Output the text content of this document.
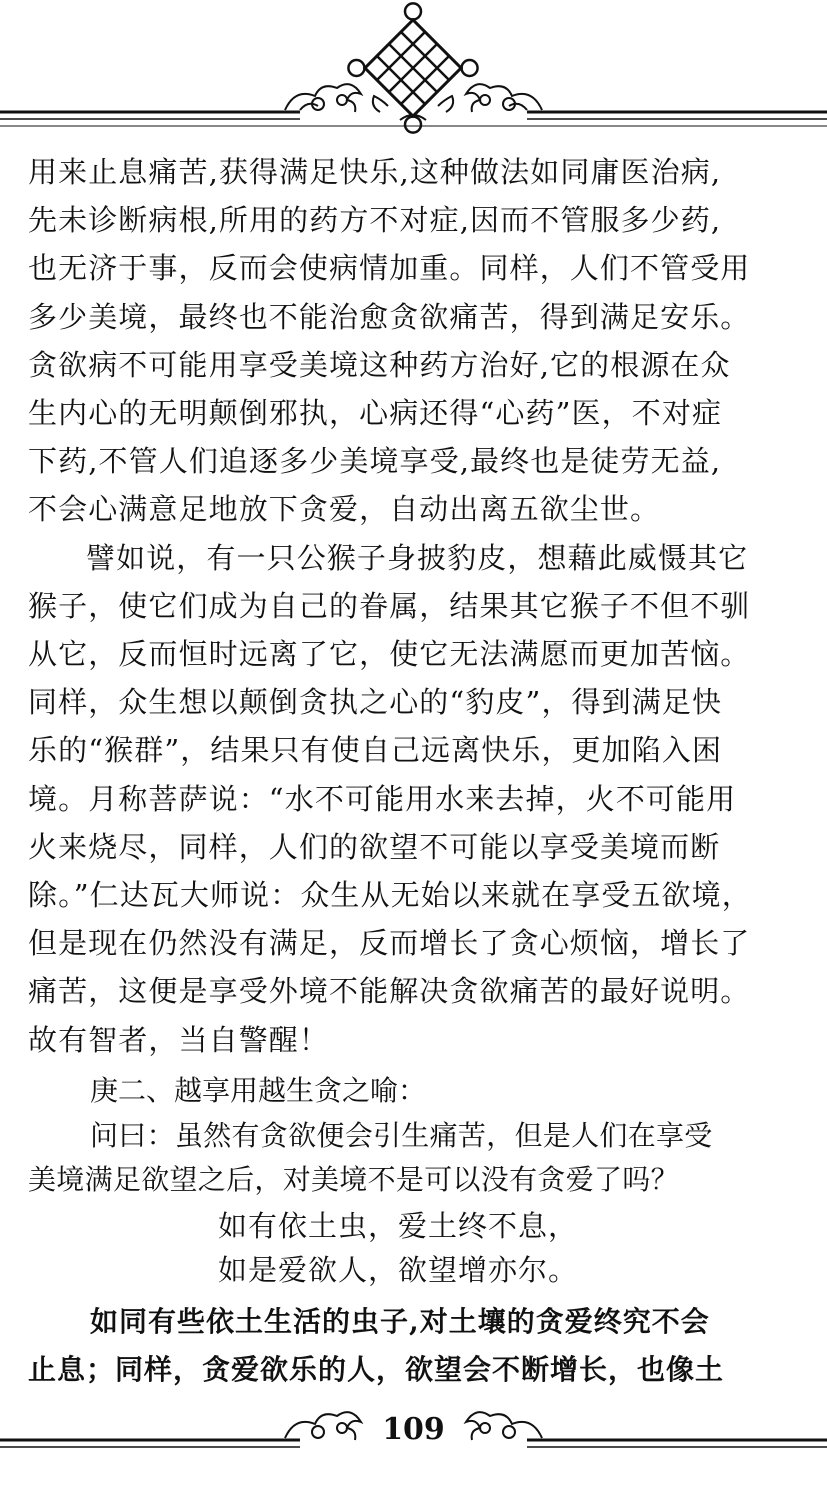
用来止息痛苦,获得满足快乐,这种做法如同庸医治病,
先未诊断病根,所用的药方不对症,因而不管服多少药,
也无济于事，反而会使病情加重。同样，人们不管受用
多少美境，最终也不能治愈贪欲痛苦，得到满足安乐。
贪欲病不可能用享受美境这种药方治好,它的根源在众
生内心的无明颠倒邪执，心病还得“心药”医，不对症
下药,不管人们追逐多少美境享受,最终也是徒劳无益,
不会心满意足地放下贪爱，自动出离五欲尘世。
譬如说，有一只公猴子身披豹皮，想藉此威慑其它
猴子，使它们成为自己的眷属，结果其它猴子不但不驯
从它，反而恒时远离了它，使它无法满愿而更加苦恼。
同样，众生想以颠倒贪执之心的“豹皮”，得到满足快
乐的“猴群”，结果只有使自己远离快乐，更加陷入困
境。月称菩萨说：“水不可能用水来去掉，火不可能用
火来烧尽，同样，人们的欲望不可能以享受美境而断
除。”仁达瓦大师说：众生从无始以来就在享受五欲境，
但是现在仍然没有满足，反而增长了贪心烦恼，增长了
痛苦，这便是享受外境不能解决贪欲痛苦的最好说明。
故有智者，当自警醒！
庚二、越享用越生贪之喻：
问曰：虽然有贪欲便会引生痛苦，但是人们在享受
美境满足欲望之后，对美境不是可以没有贪爱了吗？
如有依土虫，爱土终不息，
如是爱欲人，欲望增亦尔。
如同有些依土生活的虫子,对土壤的贪爱终究不会
止息；同样，贪爱欲乐的人，欲望会不断增长，也像土
109
